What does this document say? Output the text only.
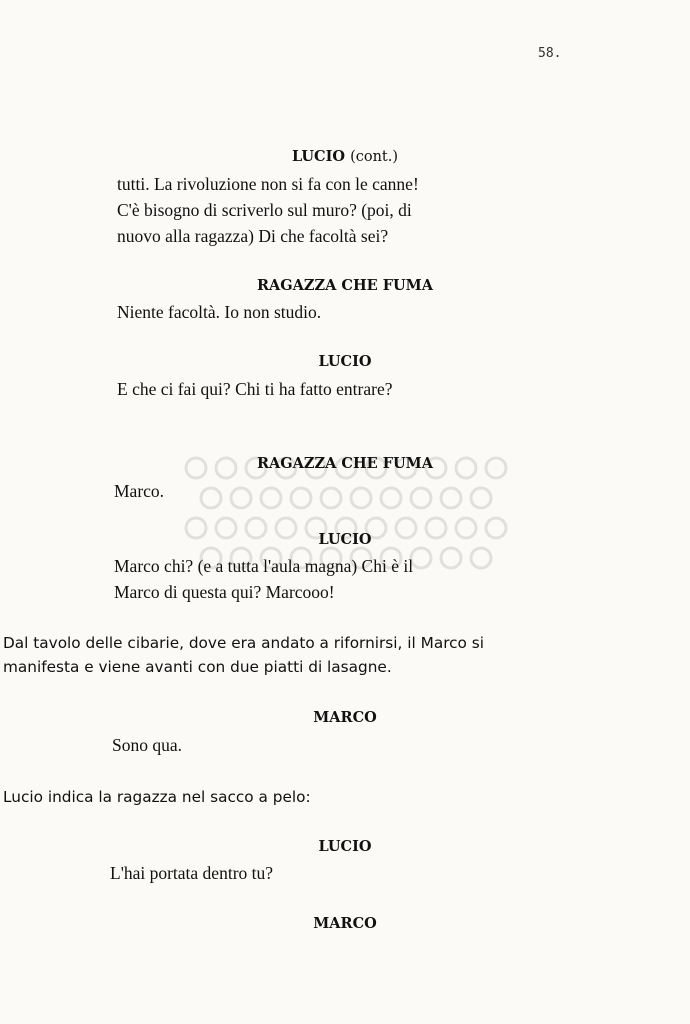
58.
LUCIO (cont.)
tutti. La rivoluzione non si fa con le canne!
C'è bisogno di scriverlo sul muro? (poi, di
nuovo alla ragazza) Di che facoltà sei?
RAGAZZA CHE FUMA
Niente facoltà. Io non studio.
LUCIO
E che ci fai qui? Chi ti ha fatto entrare?
RAGAZZA CHE FUMA
Marco.
LUCIO
Marco chi? (e a tutta l'aula magna) Chi è il
Marco di questa qui? Marcooo!
Dal tavolo delle cibarie, dove era andato a rifornirsi, il Marco si
manifesta e viene avanti con due piatti di lasagne.
MARCO
Sono qua.
Lucio indica la ragazza nel sacco a pelo:
LUCIO
L'hai portata dentro tu?
MARCO
